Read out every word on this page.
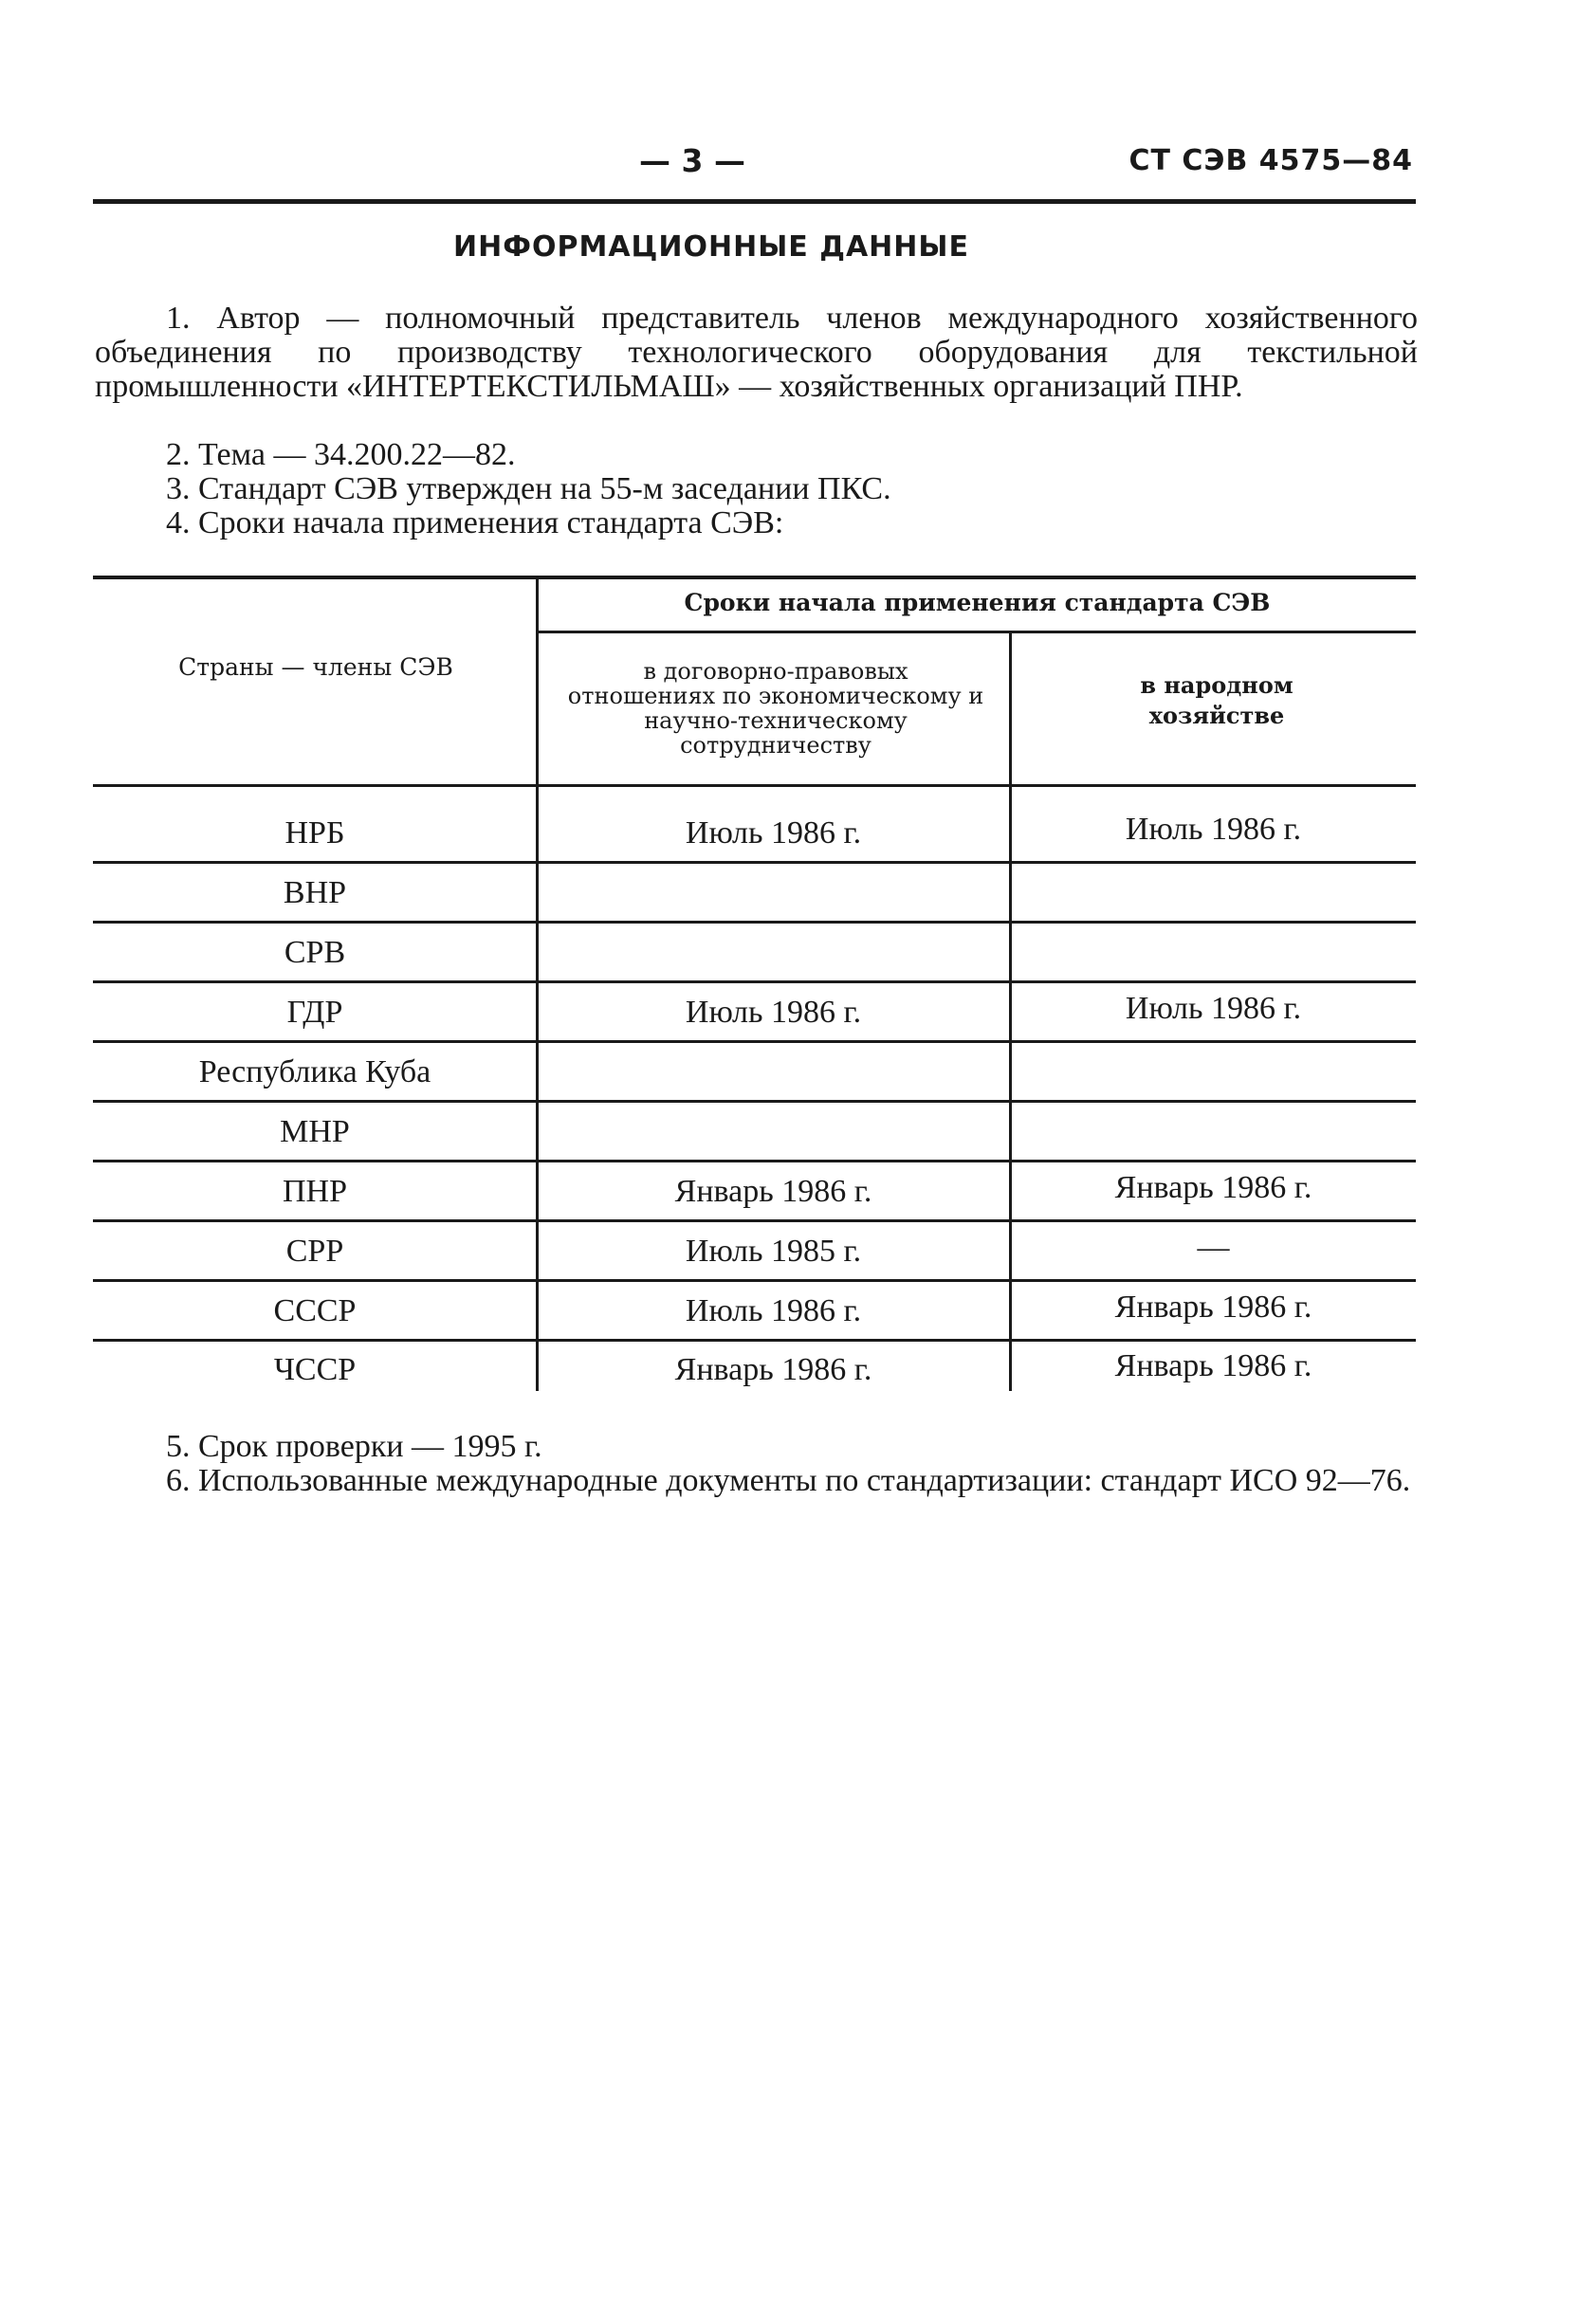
— 3 —	СТ СЭВ 4575—84
ИНФОРМАЦИОННЫЕ ДАННЫЕ
1. Автор — полномочный представитель членов международного хозяйственного объединения по производству технологического оборудования для текстильной промышленности «ИНТЕРТЕКСТИЛЬМАШ» — хозяйственных организаций ПНР.
2. Тема — 34.200.22—82.
3. Стандарт СЭВ утвержден на 55-м заседании ПКС.
4. Сроки начала применения стандарта СЭВ:
Сроки начала применения стандарта СЭВ
Страны — члены СЭВ	в договорно-правовых отношениях по экономическому и научно-техническому сотрудничеству
в народном хозяйстве
НРБ	Июль 1986 г.	Июль 1986 г.
ВНР
СРВ
ГДР	Июль 1986 г.	Июль 1986 г.
Республика Куба
МНР
ПНР	Январь 1986 г.	Январь 1986 г.
СРР	Июль 1985 г.	—
СССР	Июль 1986 г.	Январь 1986 г.
ЧССР	Январь 1986 г.	Январь 1986 г.
5. Срок проверки — 1995 г.
6. Использованные международные документы по стандартизации: стандарт ИСО 92—76.
